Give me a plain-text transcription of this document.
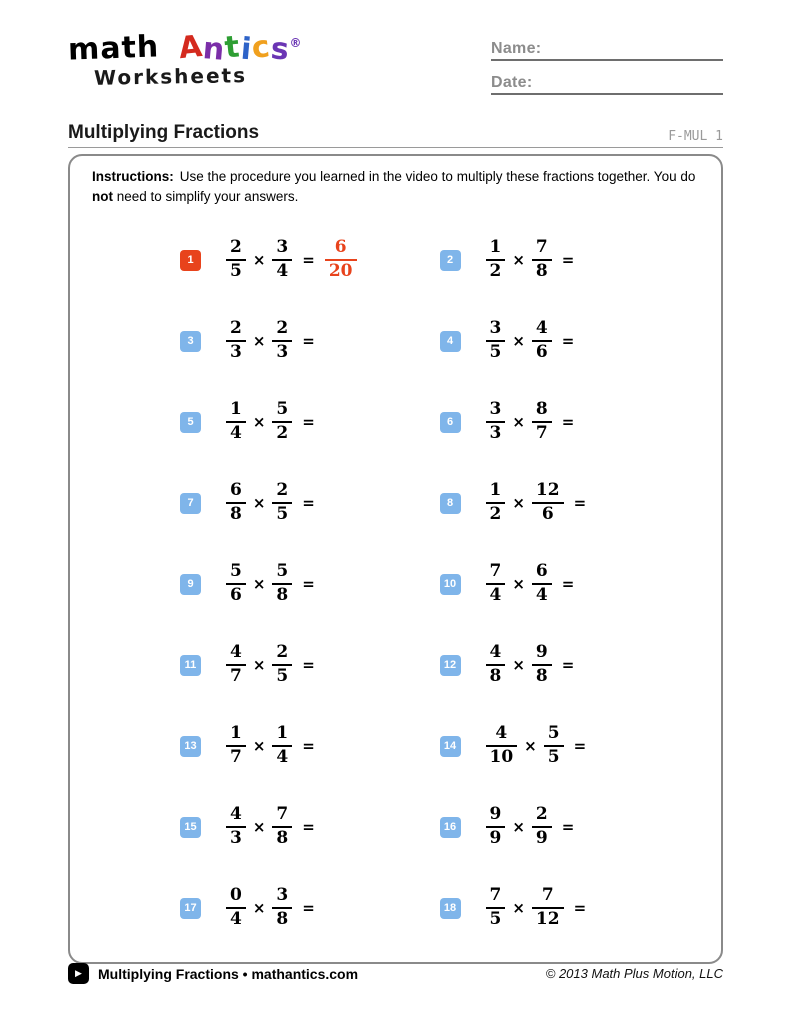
math Antics®
Worksheets
Name:
Date:
Multiplying Fractions	F-MUL 1
Instructions: Use the procedure you learned in the video to multiply these fractions together. You do not need to simplify your answers.
1	$\frac{2}{5} \times \frac{3}{4} = \frac{6}{20}$	2	$\frac{1}{2} \times \frac{7}{8}$ =
3	$\frac{2}{3} \times \frac{2}{3}$ =	4	$\frac{3}{5} \times \frac{4}{6}$ =
5	$\frac{1}{4} \times \frac{5}{2}$ =	6	$\frac{3}{3} \times \frac{8}{7}$ =
7	$\frac{6}{8} \times \frac{2}{5}$ =	8	$\frac{1}{2} \times \frac{12}{6}$ =
9	$\frac{5}{6} \times \frac{5}{8}$ =	$10 \frac{7}{4} \times \frac{6}{4}$ =
$11 \frac{4}{7} \times \frac{2}{5}$ =	$12 \frac{4}{8} \times \frac{9}{8}$ =
$13 \frac{1}{7} \times \frac{1}{4}$ =	$14 \frac{4}{10} \times \frac{5}{5}$ =
$15 \frac{4}{3} \times \frac{7}{8}$ =	$16 \frac{9}{9} \times \frac{2}{9}$ =
$17 \frac{0}{4} \times \frac{3}{8}$ =	$18 \frac{7}{5} \times \frac{7}{12}$ =
▶	Multiplying Fractions • mathantics.com	© 2013 Math Plus Motion, LLC
